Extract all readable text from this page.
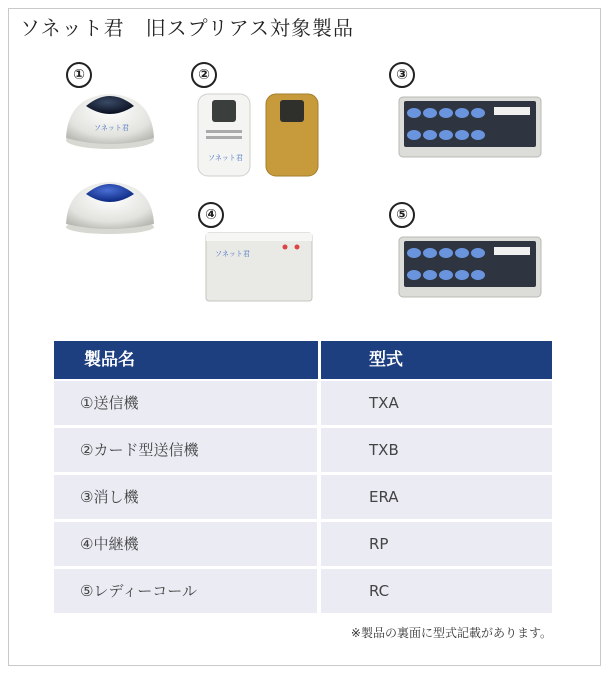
ソネット君　旧スプリアス対象製品
①	②	③
④	⑤
ソネット君
ソネット君
ソネット君
製品名	型式
①送信機	TXA
②カード型送信機	TXB
③消し機	ERA
④中継機	RP
⑤レディーコール	RC
※製品の裏面に型式記載があります。
